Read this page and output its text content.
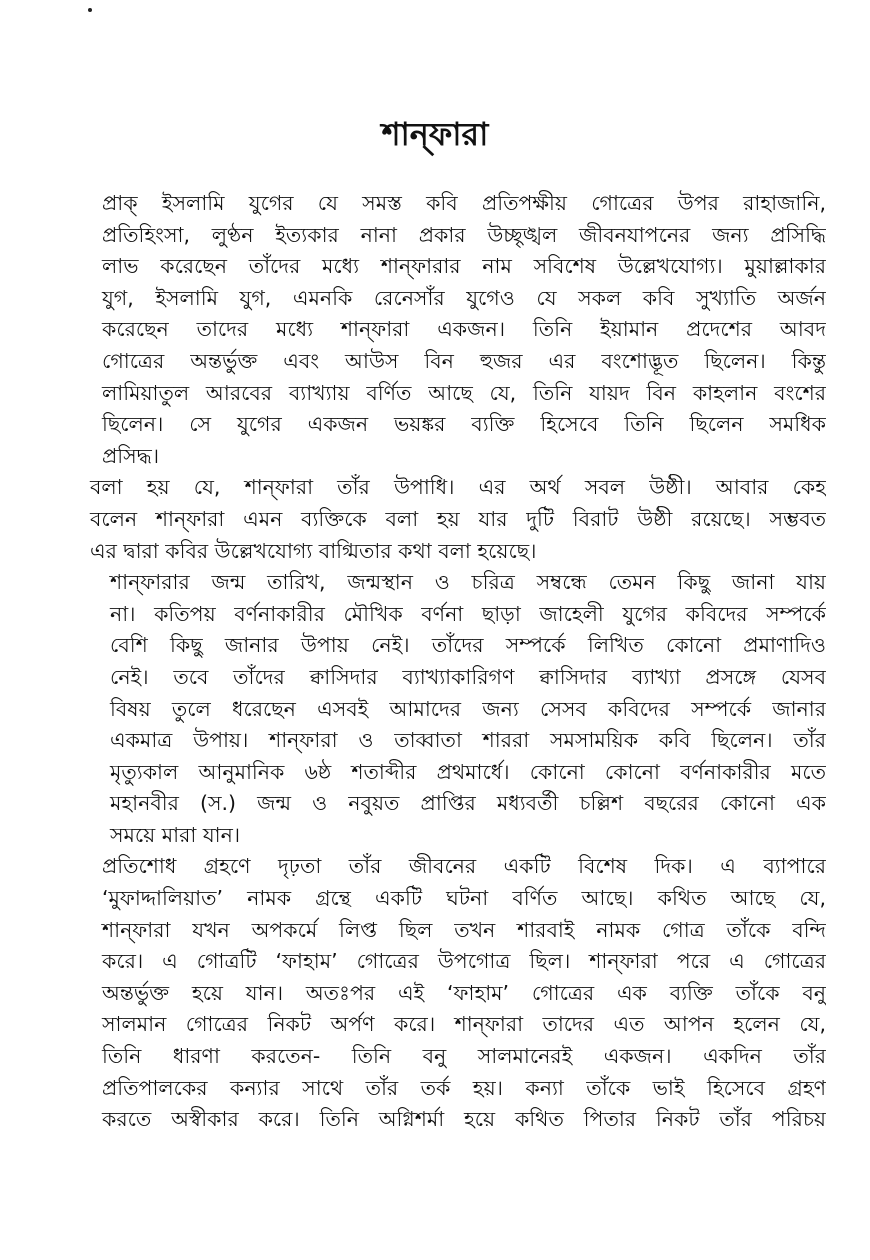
শান্‌ফারা

প্রাক্‌ ইসলামি যুগের যে সমস্ত কবি প্রতিপক্ষীয় গোত্রের উপর রাহাজানি,
প্রতিহিংসা, লুণ্ঠন ইত্যকার নানা প্রকার উচ্ছৃঙ্খল জীবনযাপনের জন্য প্রসিদ্ধি
লাভ করেছেন তাঁদের মধ্যে শান্‌ফারার নাম সবিশেষ উল্লেখযোগ্য। মুয়াল্লাকার
যুগ, ইসলামি যুগ, এমনকি রেনেসাঁর যুগেও যে সকল কবি সুখ্যাতি অর্জন
করেছেন তাদের মধ্যে শান্‌ফারা একজন। তিনি ইয়ামান প্রদেশের আবদ
গোত্রের অন্তর্ভুক্ত এবং আউস বিন হুজর এর বংশোদ্ভূত ছিলেন। কিন্তু
লামিয়াতুল আরবের ব্যাখ্যায় বর্ণিত আছে যে, তিনি যায়দ বিন কাহলান বংশের
ছিলেন। সে যুগের একজন ভয়ঙ্কর ব্যক্তি হিসেবে তিনি ছিলেন সমধিক
প্রসিদ্ধ।

বলা হয় যে, শান্‌ফারা তাঁর উপাধি। এর অর্থ সবল উষ্ঠী। আবার কেহ
বলেন শান্‌ফারা এমন ব্যক্তিকে বলা হয় যার দুটি বিরাট উষ্ঠী রয়েছে। সম্ভবত
এর দ্বারা কবির উল্লেখযোগ্য বাগ্মিতার কথা বলা হয়েছে।

শান্‌ফারার জন্ম তারিখ, জন্মস্থান ও চরিত্র সম্বন্ধে তেমন কিছু জানা যায়
না। কতিপয় বর্ণনাকারীর মৌখিক বর্ণনা ছাড়া জাহেলী যুগের কবিদের সম্পর্কে
বেশি কিছু জানার উপায় নেই। তাঁদের সম্পর্কে লিখিত কোনো প্রমাণাদিও
নেই। তবে তাঁদের ক্বাসিদার ব্যাখ্যাকারিগণ ক্বাসিদার ব্যাখ্যা প্রসঙ্গে যেসব
বিষয় তুলে ধরেছেন এসবই আমাদের জন্য সেসব কবিদের সম্পর্কে জানার
একমাত্র উপায়। শান্‌ফারা ও তাব্বাতা শাররা সমসাময়িক কবি ছিলেন। তাঁর
মৃত্যুকাল আনুমানিক ৬ষ্ঠ শতাব্দীর প্রথমার্ধে। কোনো কোনো বর্ণনাকারীর মতে
মহানবীর (স.) জন্ম ও নবুয়ত প্রাপ্তির মধ্যবর্তী চল্লিশ বছরের কোনো এক
সময়ে মারা যান।

প্রতিশোধ গ্রহণে দৃঢ়তা তাঁর জীবনের একটি বিশেষ দিক। এ ব্যাপারে
‘মুফাদ্দালিয়াত’ নামক গ্রন্থে একটি ঘটনা বর্ণিত আছে। কথিত আছে যে,
শান্‌ফারা যখন অপকর্মে লিপ্ত ছিল তখন শারবাই নামক গোত্র তাঁকে বন্দি
করে। এ গোত্রটি ‘ফাহাম’ গোত্রের উপগোত্র ছিল। শান্‌ফারা পরে এ গোত্রের
অন্তর্ভুক্ত হয়ে যান। অতঃপর এই ‘ফাহাম’ গোত্রের এক ব্যক্তি তাঁকে বনু
সালমান গোত্রের নিকট অর্পণ করে। শান্‌ফারা তাদের এত আপন হলেন যে,
তিনি ধারণা করতেন- তিনি বনু সালমানেরই একজন। একদিন তাঁর
প্রতিপালকের কন্যার সাথে তাঁর তর্ক হয়। কন্যা তাঁকে ভাই হিসেবে গ্রহণ
করতে অস্বীকার করে। তিনি অগ্নিশর্মা হয়ে কথিত পিতার নিকট তাঁর পরিচয়
